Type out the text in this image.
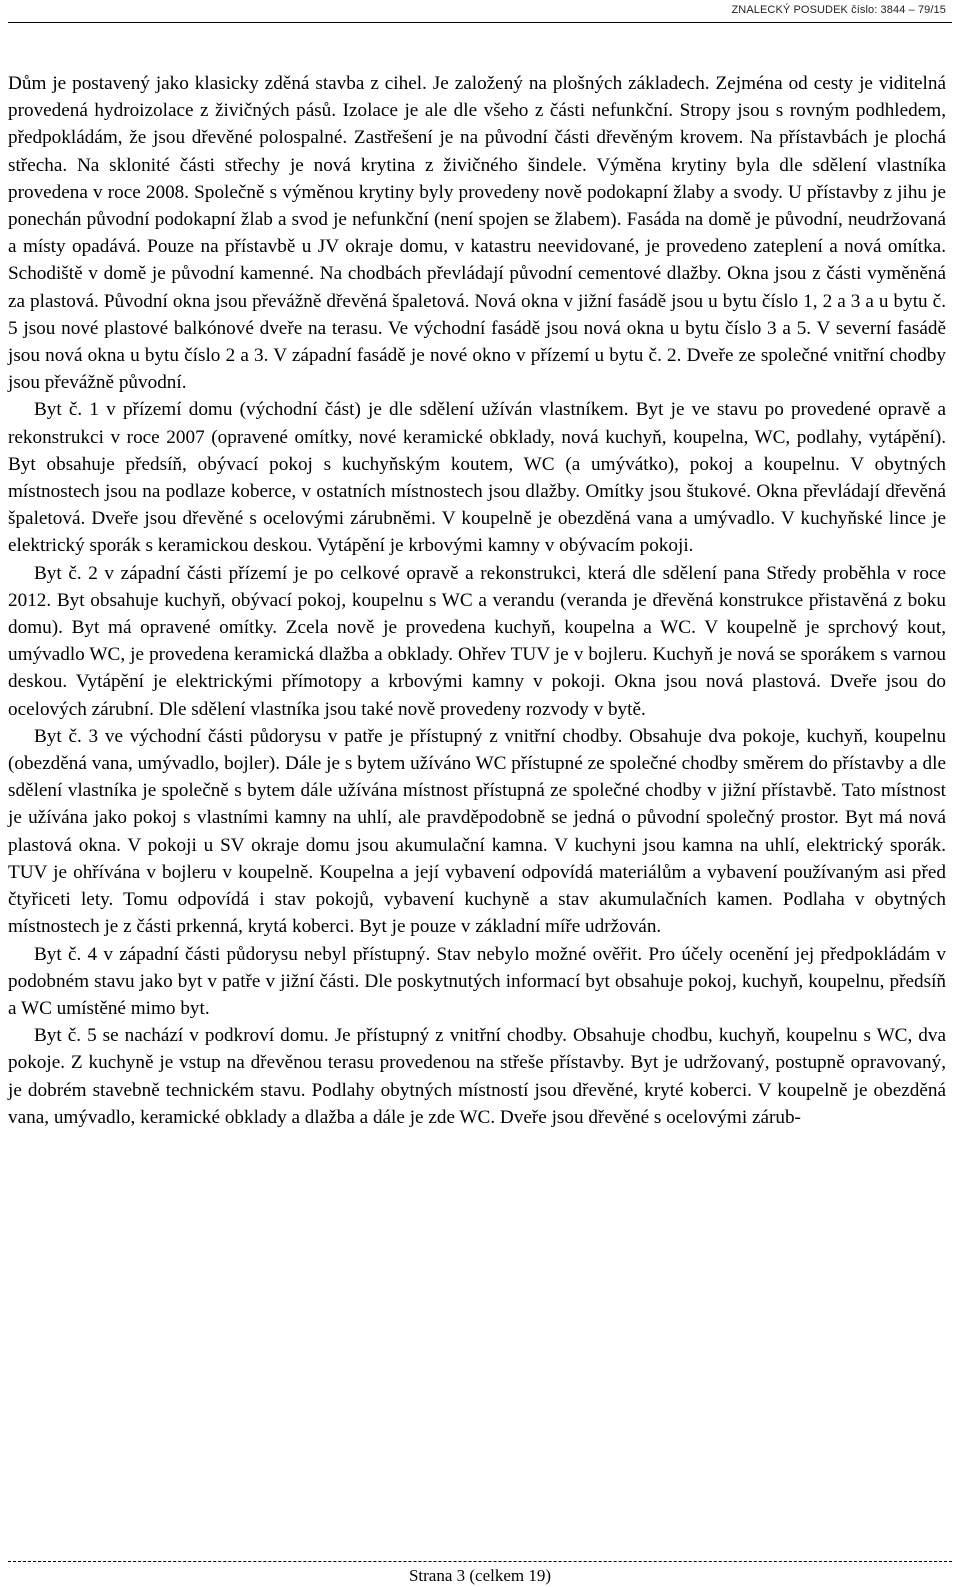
ZNALECKÝ POSUDEK číslo: 3844 – 79/15

Dům je postavený jako klasicky zděná stavba z cihel. Je založený na plošných základech. Zejména od cesty je viditelná provedená hydroizolace z živičných pásů. Izolace je ale dle všeho z části nefunkční. Stropy jsou s rovným podhledem, předpokládám, že jsou dřevěné polospalné. Zastřešení je na původní části dřevěným krovem. Na přístavbách je plochá střecha. Na sklonité části střechy je nová krytina z živičného šindele. Výměna krytiny byla dle sdělení vlastníka provedena v roce 2008. Společně s výměnou krytiny byly provedeny nově podokapní žlaby a svody. U přístavby z jihu je ponechán původní podokapní žlab a svod je nefunkční (není spojen se žlabem). Fasáda na domě je původní, neudržovaná a místy opadává. Pouze na přístavbě u JV okraje domu, v katastru neevidované, je provedeno zateplení a nová omítka. Schodiště v domě je původní kamenné. Na chodbách převládají původní cementové dlažby. Okna jsou z části vyměněná za plastová. Původní okna jsou převážně dřevěná špaletová. Nová okna v jižní fasádě jsou u bytu číslo 1, 2 a 3 a u bytu č. 5 jsou nové plastové balkónové dveře na terasu. Ve východní fasádě jsou nová okna u bytu číslo 3 a 5. V severní fasádě jsou nová okna u bytu číslo 2 a 3. V západní fasádě je nové okno v přízemí u bytu č. 2. Dveře ze společné vnitřní chodby jsou převážně původní.

Byt č. 1 v přízemí domu (východní část) je dle sdělení užíván vlastníkem. Byt je ve stavu po provedené opravě a rekonstrukci v roce 2007 (opravené omítky, nové keramické obklady, nová kuchyň, koupelna, WC, podlahy, vytápění). Byt obsahuje předsíň, obývací pokoj s kuchyňským koutem, WC (a umývátko), pokoj a koupelnu. V obytných místnostech jsou na podlaze koberce, v ostatních místnostech jsou dlažby. Omítky jsou štukové. Okna převládají dřevěná špaletová. Dveře jsou dřevěné s ocelovými zárubněmi. V koupelně je obezděná vana a umývadlo. V kuchyňské lince je elektrický sporák s keramickou deskou. Vytápění je krbovými kamny v obývacím pokoji.

Byt č. 2 v západní části přízemí je po celkové opravě a rekonstrukci, která dle sdělení pana Středy proběhla v roce 2012. Byt obsahuje kuchyň, obývací pokoj, koupelnu s WC a verandu (veranda je dřevěná konstrukce přistavěná z boku domu). Byt má opravené omítky. Zcela nově je provedena kuchyň, koupelna a WC. V koupelně je sprchový kout, umývadlo WC, je provedena keramická dlažba a obklady. Ohřev TUV je v bojleru. Kuchyň je nová se sporákem s varnou deskou. Vytápění je elektrickými přímotopy a krbovými kamny v pokoji. Okna jsou nová plastová. Dveře jsou do ocelových zárubní. Dle sdělení vlastníka jsou také nově provedeny rozvody v bytě.

Byt č. 3 ve východní části půdorysu v patře je přístupný z vnitřní chodby. Obsahuje dva pokoje, kuchyň, koupelnu (obezděná vana, umývadlo, bojler). Dále je s bytem užíváno WC přístupné ze společné chodby směrem do přístavby a dle sdělení vlastníka je společně s bytem dále užívána místnost přístupná ze společné chodby v jižní přístavbě. Tato místnost je užívána jako pokoj s vlastními kamny na uhlí, ale pravděpodobně se jedná o původní společný prostor. Byt má nová plastová okna. V pokoji u SV okraje domu jsou akumulační kamna. V kuchyni jsou kamna na uhlí, elektrický sporák. TUV je ohřívána v bojleru v koupelně. Koupelna a její vybavení odpovídá materiálům a vybavení používaným asi před čtyřiceti lety. Tomu odpovídá i stav pokojů, vybavení kuchyně a stav akumulačních kamen. Podlaha v obytných místnostech je z části prkenná, krytá koberci. Byt je pouze v základní míře udržován.

Byt č. 4 v západní části půdorysu nebyl přístupný. Stav nebylo možné ověřit. Pro účely ocenění jej předpokládám v podobném stavu jako byt v patře v jižní části. Dle poskytnutých informací byt obsahuje pokoj, kuchyň, koupelnu, předsíň a WC umístěné mimo byt.

Byt č. 5 se nachází v podkroví domu. Je přístupný z vnitřní chodby. Obsahuje chodbu, kuchyň, koupelnu s WC, dva pokoje. Z kuchyně je vstup na dřevěnou terasu provedenou na střeše přístavby. Byt je udržovaný, postupně opravovaný, je dobrém stavebně technickém stavu. Podlahy obytných místností jsou dřevěné, kryté koberci. V koupelně je obezděná vana, umývadlo, keramické obklady a dlažba a dále je zde WC. Dveře jsou dřevěné s ocelovými zárub-

Strana 3 (celkem 19)
